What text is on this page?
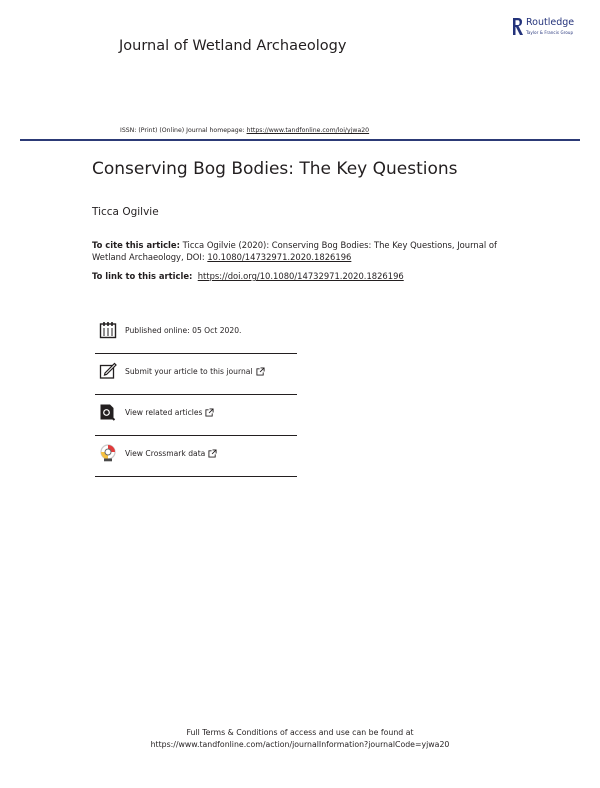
Journal of Wetland Archaeology
Routledge
Taylor & Francis Group
ISSN: (Print) (Online) Journal homepage: https://www.tandfonline.com/loi/yjwa20
Conserving Bog Bodies: The Key Questions
Ticca Ogilvie
To cite this article: Ticca Ogilvie (2020): Conserving Bog Bodies: The Key Questions, Journal of Wetland Archaeology, DOI: 10.1080/14732971.2020.1826196
To link to this article: https://doi.org/10.1080/14732971.2020.1826196
Published online: 05 Oct 2020.
Submit your article to this journal
View related articles
View Crossmark data
Full Terms & Conditions of access and use can be found at
https://www.tandfonline.com/action/journalInformation?journalCode=yjwa20
